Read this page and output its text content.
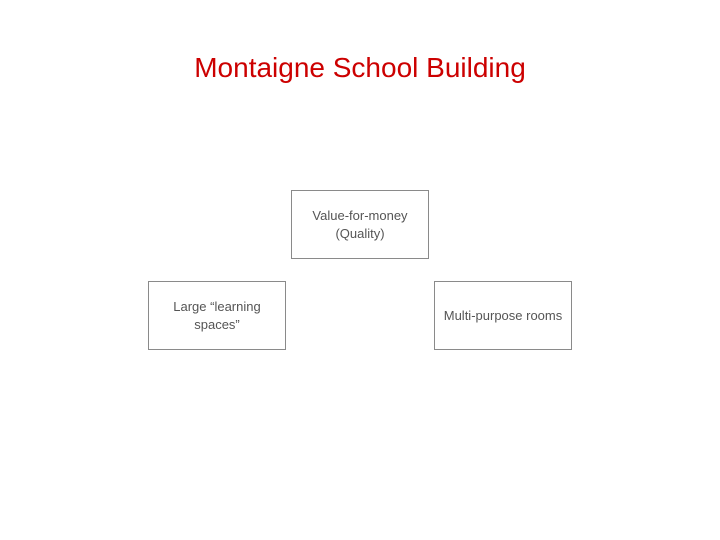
Montaigne School Building
Value-for-money (Quality)
Large “learning spaces”
Multi-purpose rooms
